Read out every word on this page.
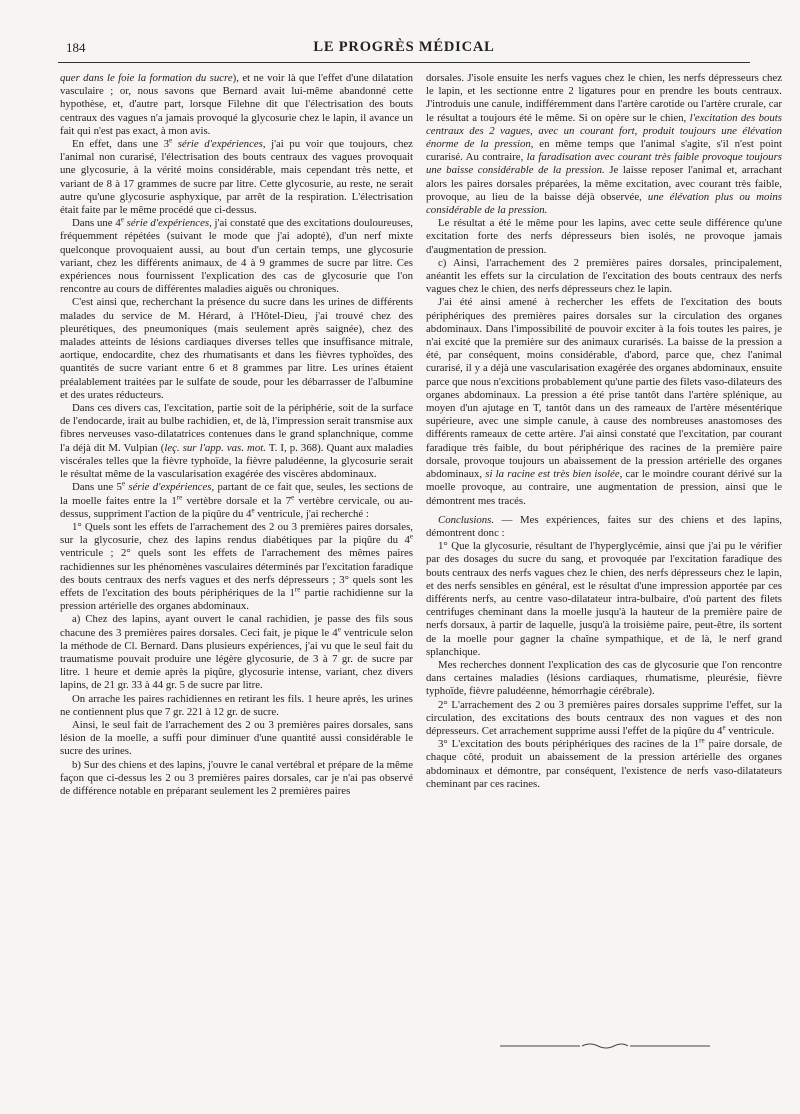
184	LE PROGRÈS MÉDICAL

quer dans le foie la formation du sucre), et ne voir là que l'effet d'une dilatation vasculaire ; or, nous savons que Bernard avait lui-même abandonné cette hypothèse, et, d'autre part, lorsque Filehne dit que l'électrisation des bouts centraux des vagues n'a jamais provoqué la glycosurie chez le lapin, il avance un fait qui n'est pas exact, à mon avis.

En effet, dans une 3e série d'expériences, j'ai pu voir que toujours, chez l'animal non curarisé, l'électrisation des bouts centraux des vagues provoquait une glycosurie, à la vérité moins considérable, mais cependant très nette, et variant de 8 à 17 grammes de sucre par litre. Cette glycosurie, au reste, ne serait autre qu'une glycosurie asphyxique, par arrêt de la respiration. L'électrisation était faite par le même procédé que ci-dessus.

Dans une 4e série d'expériences, j'ai constaté que des excitations douloureuses, fréquemment répétées (suivant le mode que j'ai adopté), d'un nerf mixte quelconque provoquaient aussi, au bout d'un certain temps, une glycosurie variant, chez les différents animaux, de 4 à 9 grammes de sucre par litre. Ces expériences nous fournissent l'explication des cas de glycosurie que l'on rencontre au cours de différentes maladies aiguës ou chroniques.

C'est ainsi que, recherchant la présence du sucre dans les urines de différents malades du service de M. Hérard, à l'Hôtel-Dieu, j'ai trouvé chez des pleurétiques, des pneumoniques (mais seulement après saignée), chez des malades atteints de lésions cardiaques diverses telles que insuffisance mitrale, aortique, endocardite, chez des rhumatisants et dans les fièvres typhoïdes, des quantités de sucre variant entre 6 et 8 grammes par litre. Les urines étaient préalablement traitées par le sulfate de soude, pour les débarrasser de l'albumine et des urates réducteurs.

Dans ces divers cas, l'excitation, partie soit de la périphérie, soit de la surface de l'endocarde, irait au bulbe rachidien, et, de là, l'impression serait transmise aux fibres nerveuses vaso-dilatatrices contenues dans le grand splanchnique, comme l'a déjà dit M. Vulpian (leç. sur l'app. vas. mot. T. I, p. 368). Quant aux maladies viscérales telles que la fièvre typhoïde, la fièvre paludéenne, la glycosurie serait le résultat même de la vascularisation exagérée des viscères abdominaux.

Dans une 5e série d'expériences, partant de ce fait que, seules, les sections de la moelle faites entre la 1re vertèbre dorsale et la 7e vertèbre cervicale, ou au-dessus, suppriment l'action de la piqûre du 4e ventricule, j'ai recherché :

1° Quels sont les effets de l'arrachement des 2 ou 3 premières paires dorsales, sur la glycosurie, chez des lapins rendus diabétiques par la piqûre du 4e ventricule ; 2° quels sont les effets de l'arrachement des mêmes paires rachidiennes sur les phénomènes vasculaires déterminés par l'excitation faradique des bouts centraux des nerfs vagues et des nerfs dépresseurs ; 3° quels sont les effets de l'excitation des bouts périphériques de la 1re partie rachidienne sur la pression artérielle des organes abdominaux.

a) Chez des lapins, ayant ouvert le canal rachidien, je passe des fils sous chacune des 3 premières paires dorsales. Ceci fait, je pique le 4e ventricule selon la méthode de Cl. Bernard. Dans plusieurs expériences, j'ai vu que le seul fait du traumatisme pouvait produire une légère glycosurie, de 3 à 7 gr. de sucre par litre. 1 heure et demie après la piqûre, glycosurie intense, variant, chez divers lapins, de 21 gr. 33 à 44 gr. 5 de sucre par litre.

On arrache les paires rachidiennes en retirant les fils. 1 heure après, les urines ne contiennent plus que 7 gr. 221 à 12 gr. de sucre.

Ainsi, le seul fait de l'arrachement des 2 ou 3 premières paires dorsales, sans lésion de la moelle, a suffi pour diminuer d'une quantité aussi considérable le sucre des urines.

b) Sur des chiens et des lapins, j'ouvre le canal vertébral et prépare de la même façon que ci-dessus les 2 ou 3 premières paires dorsales, car je n'ai pas observé de différence notable en préparant seulement les 2 premières paires

dorsales. J'isole ensuite les nerfs vagues chez le chien, les nerfs dépresseurs chez le lapin, et les sectionne entre 2 ligatures pour en prendre les bouts centraux. J'introduis une canule, indifféremment dans l'artère carotide ou l'artère crurale, car le résultat a toujours été le même. Si on opère sur le chien, l'excitation des bouts centraux des 2 vagues, avec un courant fort, produit toujours une élévation énorme de la pression, en même temps que l'animal s'agite, s'il n'est point curarisé. Au contraire, la faradisation avec courant très faible provoque toujours une baisse considérable de la pression. Je laisse reposer l'animal et, arrachant alors les paires dorsales préparées, la même excitation, avec courant très faible, provoque, au lieu de la baisse déjà observée, une élévation plus ou moins considérable de la pression.

Le résultat a été le même pour les lapins, avec cette seule différence qu'une excitation forte des nerfs dépresseurs bien isolés, ne provoque jamais d'augmentation de pression.

c) Ainsi, l'arrachement des 2 premières paires dorsales, principalement, anéantit les effets sur la circulation de l'excitation des bouts centraux des nerfs vagues chez le chien, des nerfs dépresseurs chez le lapin.

J'ai été ainsi amené à rechercher les effets de l'excitation des bouts périphériques des premières paires dorsales sur la circulation des organes abdominaux. Dans l'impossibilité de pouvoir exciter à la fois toutes les paires, je n'ai excité que la première sur des animaux curarisés. La baisse de la pression a été, par conséquent, moins considérable, d'abord, parce que, chez l'animal curarisé, il y a déjà une vascularisation exagérée des organes abdominaux, ensuite parce que nous n'excitions probablement qu'une partie des filets vaso-dilateurs des organes abdominaux. La pression a été prise tantôt dans l'artère splénique, au moyen d'un ajutage en T, tantôt dans un des rameaux de l'artère mésentérique supérieure, avec une simple canule, à cause des nombreuses anastomoses des différents rameaux de cette artère. J'ai ainsi constaté que l'excitation, par courant faradique très faible, du bout périphérique des racines de la première paire dorsale, provoque toujours un abaissement de la pression artérielle des organes abdominaux, si la racine est très bien isolée, car le moindre courant dérivé sur la moelle provoque, au contraire, une augmentation de pression, ainsi que le démontrent mes tracés.

Conclusions. — Mes expériences, faites sur des chiens et des lapins, démontrent donc :

1° Que la glycosurie, résultant de l'hyperglycémie, ainsi que j'ai pu le vérifier par des dosages du sucre du sang, et provoquée par l'excitation faradique des bouts centraux des nerfs vagues chez le chien, des nerfs dépresseurs chez le lapin, et des nerfs sensibles en général, est le résultat d'une impression apportée par ces différents nerfs, au centre vaso-dilatateur intra-bulbaire, d'où partent des filets centrifuges cheminant dans la moelle jusqu'à la hauteur de la première paire de nerfs dorsaux, à partir de laquelle, jusqu'à la troisième paire, peut-être, ils sortent de la moelle pour gagner la chaîne sympathique, et de là, le nerf grand splanchique.

Mes recherches donnent l'explication des cas de glycosurie que l'on rencontre dans certaines maladies (lésions cardiaques, rhumatisme, pleurésie, fièvre typhoïde, fièvre paludéenne, hémorrhagie cérébrale).

2° L'arrachement des 2 ou 3 premières paires dorsales supprime l'effet, sur la circulation, des excitations des bouts centraux des non vagues et des non dépresseurs. Cet arrachement supprime aussi l'effet de la piqûre du 4e ventricule.

3° L'excitation des bouts périphériques des racines de la 1re paire dorsale, de chaque côté, produit un abaissement de la pression artérielle des organes abdominaux et démontre, par conséquent, l'existence de nerfs vaso-dilatateurs cheminant par ces racines.
